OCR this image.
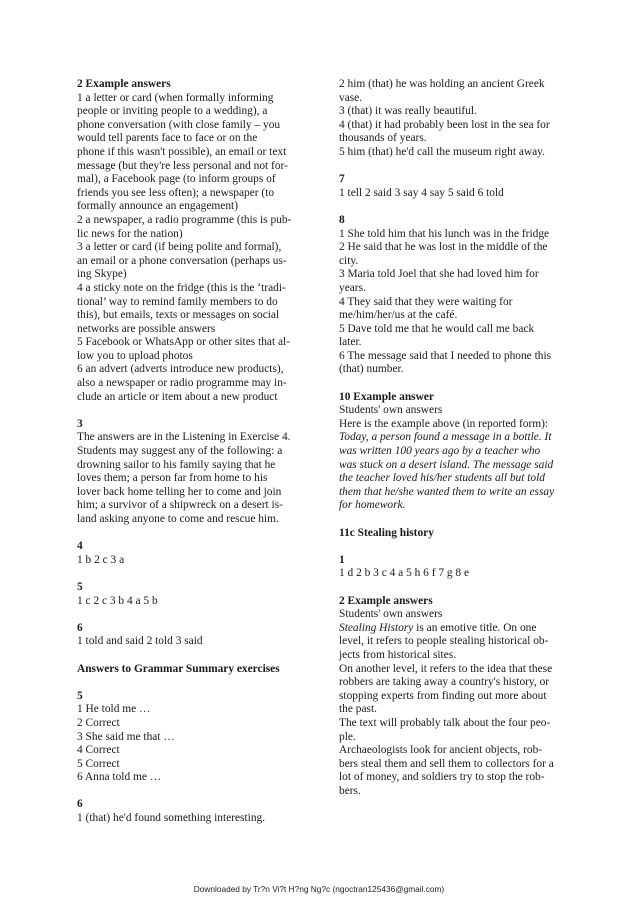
2 Example answers

1 a letter or card (when formally informing

people or inviting people to a wedding), a

phone conversation (with close family – you

would tell parents face to face or on the

phone if this wasn't possible), an email or text

message (but they're less personal and not for-

mal), a Facebook page (to inform groups of

friends you see less often); a newspaper (to

formally announce an engagement)

2 a newspaper, a radio programme (this is pub-

lic news for the nation)

3 a letter or card (if being polite and formal),

an email or a phone conversation (perhaps us-

ing Skype)

4 a sticky note on the fridge (this is the ‘tradi-

tional’ way to remind family members to do

this), but emails, texts or messages on social

networks are possible answers

5 Facebook or WhatsApp or other sites that al-

low you to upload photos

6 an advert (adverts introduce new products),

also a newspaper or radio programme may in-

clude an article or item about a new product

3

The answers are in the Listening in Exercise 4.

Students may suggest any of the following: a

drowning sailor to his family saying that he

loves them; a person far from home to his

lover back home telling her to come and join

him; a survivor of a shipwreck on a desert is-

land asking anyone to come and rescue him.

4

1 b 2 c 3 a

5

1 c 2 c 3 b 4 a 5 b

6

1 told and said 2 told 3 said

Answers to Grammar Summary exercises

5

1 He told me …

2 Correct

3 She said me that …

4 Correct

5 Correct

6 Anna told me …

6

1 (that) he'd found something interesting.

2 him (that) he was holding an ancient Greek

vase.

3 (that) it was really beautiful.

4 (that) it had probably been lost in the sea for

thousands of years.

5 him (that) he'd call the museum right away.

7

1 tell 2 said 3 say 4 say 5 said 6 told

8

1 She told him that his lunch was in the fridge

2 He said that he was lost in the middle of the

city.

3 Maria told Joel that she had loved him for

years.

4 They said that they were waiting for

me/him/her/us at the café.

5 Dave told me that he would call me back

later.

6 The message said that I needed to phone this

(that) number.

10 Example answer

Students' own answers

Here is the example above (in reported form):

Today, a person found a message in a bottle. It

was written 100 years ago by a teacher who

was stuck on a desert island. The message said

the teacher loved his/her students all but told

them that he/she wanted them to write an essay

for homework.

11c Stealing history

1

1 d 2 b 3 c 4 a 5 h 6 f 7 g 8 e

2 Example answers

Students' own answers

Stealing History is an emotive title. On one

level, it refers to people stealing historical ob-

jects from historical sites.

On another level, it refers to the idea that these

robbers are taking away a country's history, or

stopping experts from finding out more about

the past.

The text will probably talk about the four peo-

ple.

Archaeologists look for ancient objects, rob-

bers steal them and sell them to collectors for a

lot of money, and soldiers try to stop the rob-

bers.

Downloaded by Tr?n Vi?t H?ng Ng?c (ngoctran125436@gmail.com)
